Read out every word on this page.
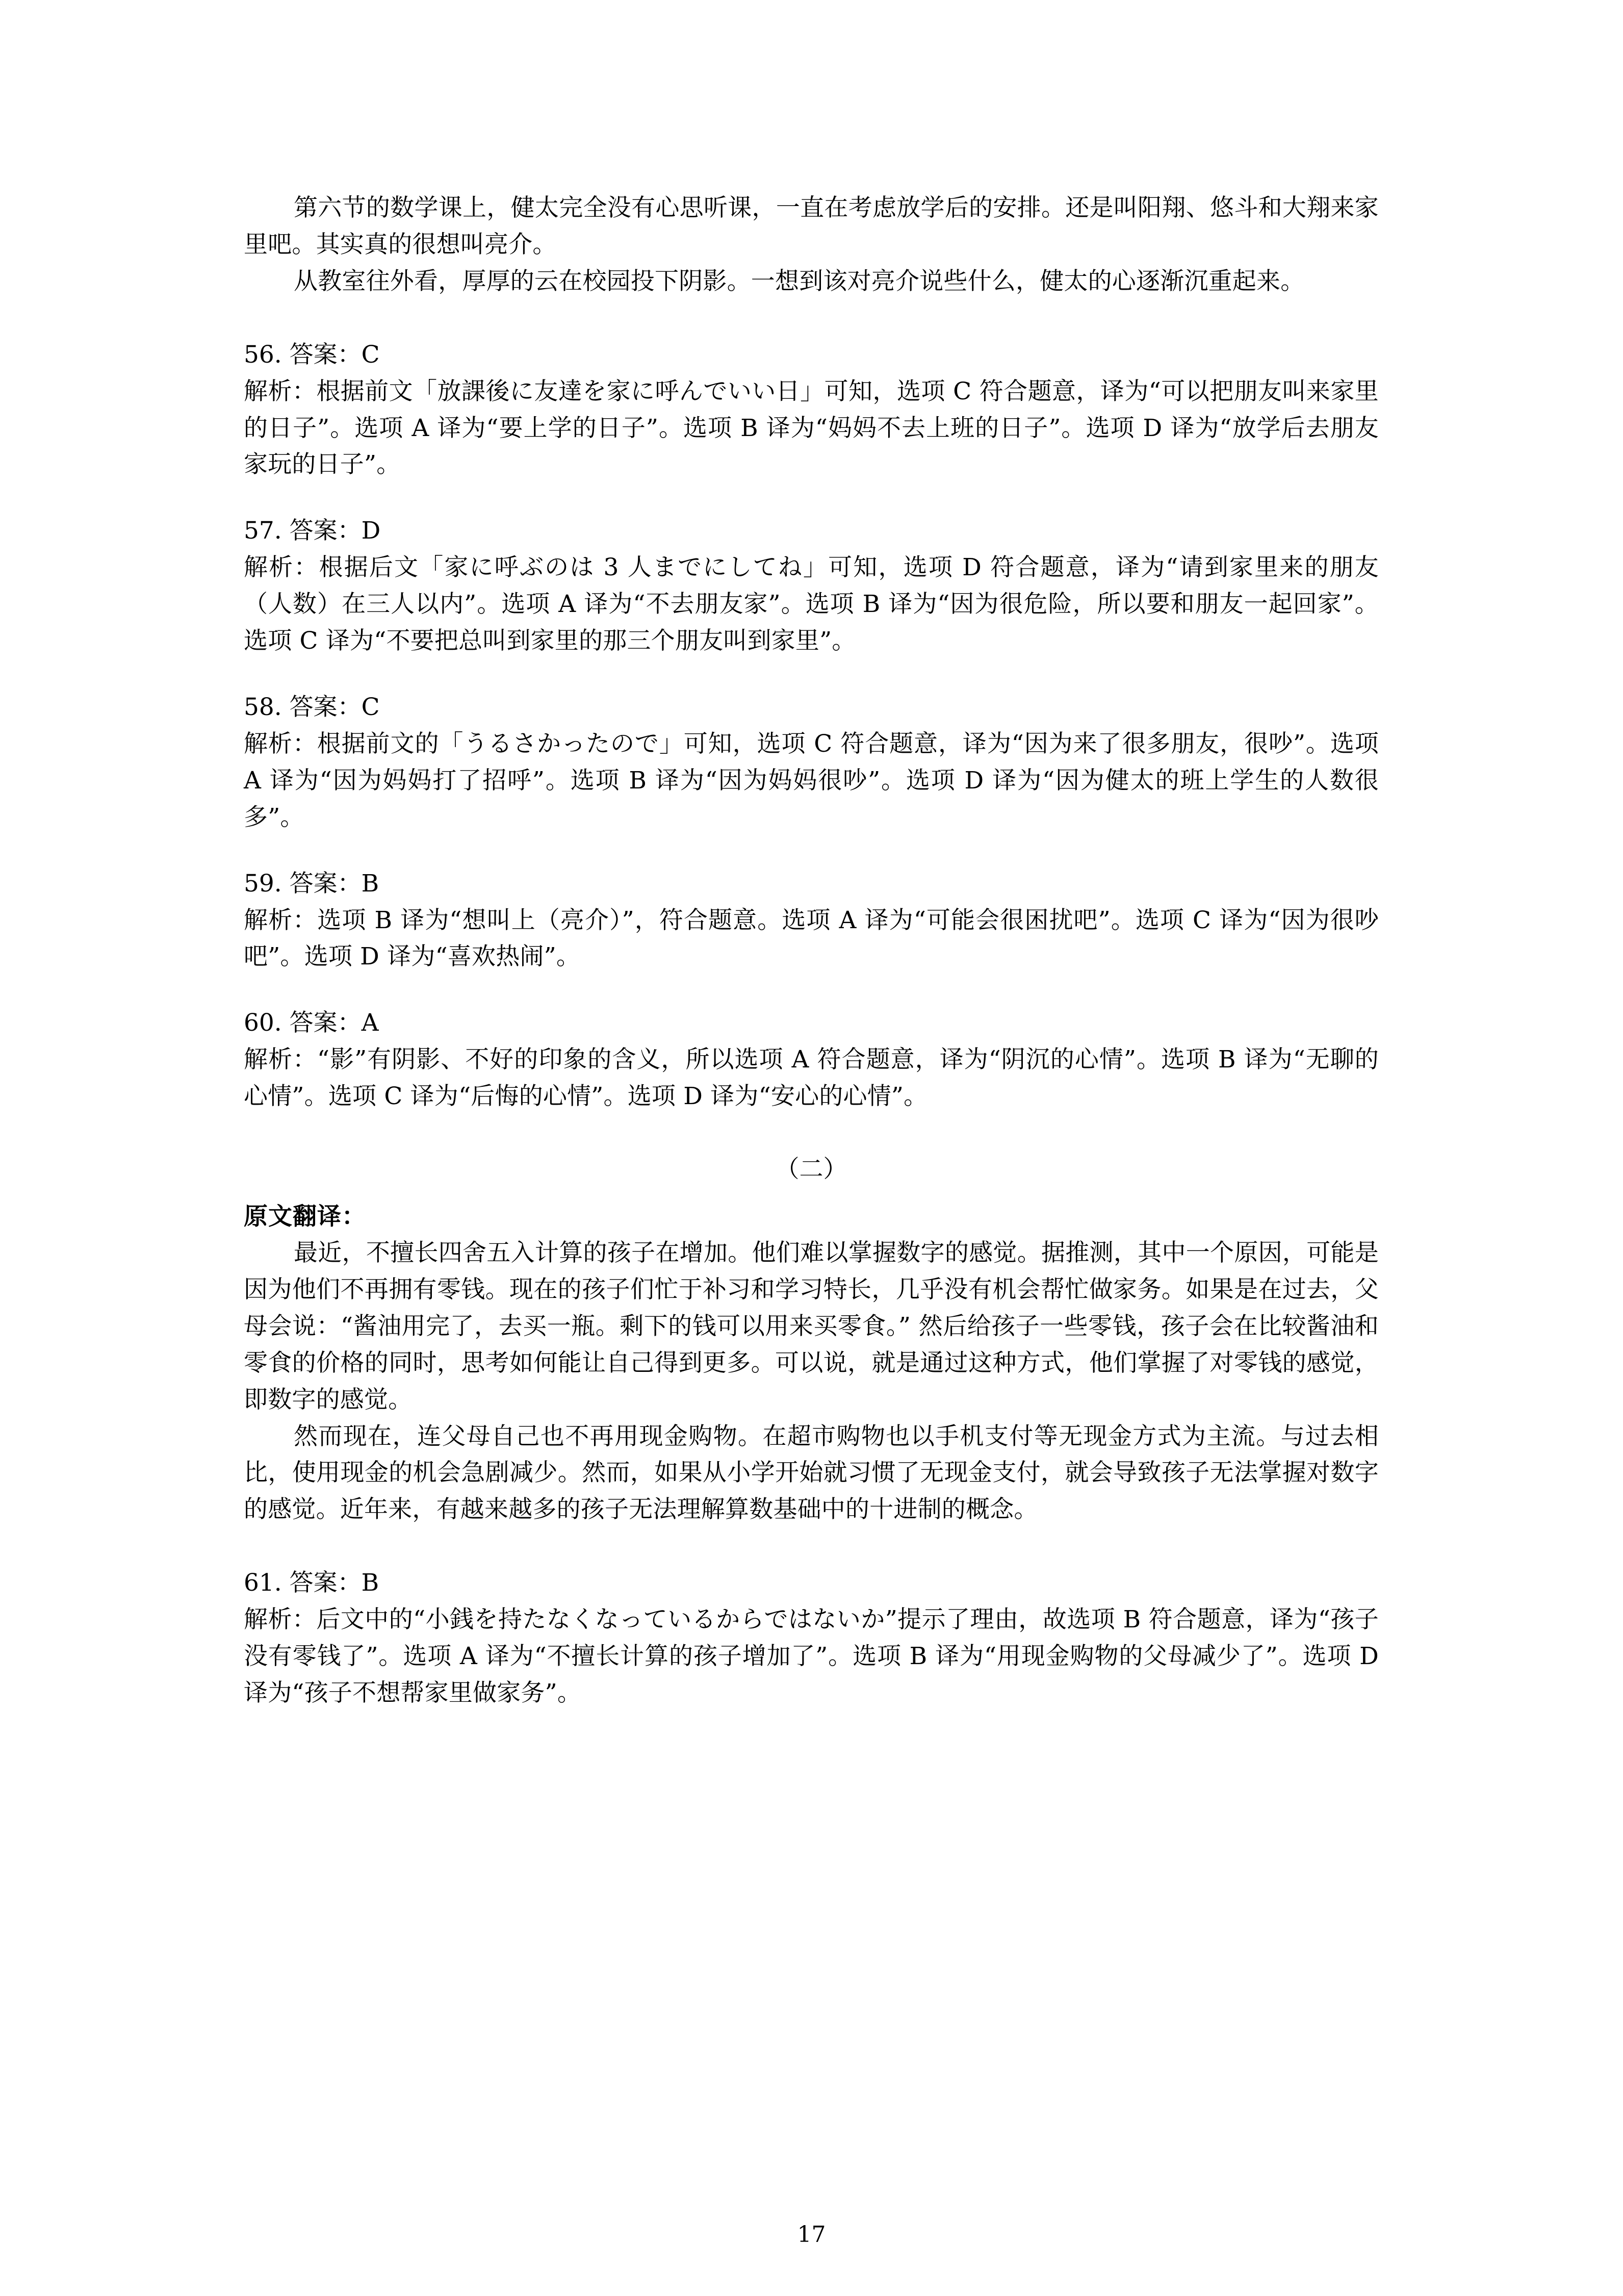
第六节的数学课上，健太完全没有心思听课，一直在考虑放学后的安排。还是叫阳翔、悠斗和大翔来家里吧。其实真的很想叫亮介。

从教室往外看，厚厚的云在校园投下阴影。一想到该对亮介说些什么，健太的心逐渐沉重起来。

56. 答案：C

解析：根据前文「放課後に友達を家に呼んでいい日」可知，选项 C 符合题意，译为“可以把朋友叫来家里的日子”。选项 A 译为“要上学的日子”。选项 B 译为“妈妈不去上班的日子”。选项 D 译为“放学后去朋友家玩的日子”。

57. 答案：D

解析：根据后文「家に呼ぶのは 3 人までにしてね」可知，选项 D 符合题意，译为“请到家里来的朋友（人数）在三人以内”。选项 A 译为“不去朋友家”。选项 B 译为“因为很危险，所以要和朋友一起回家”。选项 C 译为“不要把总叫到家里的那三个朋友叫到家里”。

58. 答案：C

解析：根据前文的「うるさかったので」可知，选项 C 符合题意，译为“因为来了很多朋友，很吵”。选项 A 译为“因为妈妈打了招呼”。选项 B 译为“因为妈妈很吵”。选项 D 译为“因为健太的班上学生的人数很多”。

59. 答案：B

解析：选项 B 译为“想叫上（亮介）”，符合题意。选项 A 译为“可能会很困扰吧”。选项 C 译为“因为很吵吧”。选项 D 译为“喜欢热闹”。

60. 答案：A

解析：“影”有阴影、不好的印象的含义，所以选项 A 符合题意，译为“阴沉的心情”。选项 B 译为“无聊的心情”。选项 C 译为“后悔的心情”。选项 D 译为“安心的心情”。

（二）

原文翻译：

最近，不擅长四舍五入计算的孩子在增加。他们难以掌握数字的感觉。据推测，其中一个原因，可能是因为他们不再拥有零钱。现在的孩子们忙于补习和学习特长，几乎没有机会帮忙做家务。如果是在过去，父母会说：“酱油用完了，去买一瓶。剩下的钱可以用来买零食。” 然后给孩子一些零钱，孩子会在比较酱油和零食的价格的同时，思考如何能让自己得到更多。可以说，就是通过这种方式，他们掌握了对零钱的感觉，即数字的感觉。

然而现在，连父母自己也不再用现金购物。在超市购物也以手机支付等无现金方式为主流。与过去相比，使用现金的机会急剧减少。然而，如果从小学开始就习惯了无现金支付，就会导致孩子无法掌握对数字的感觉。近年来，有越来越多的孩子无法理解算数基础中的十进制的概念。

61. 答案：B

解析：后文中的“小銭を持たなくなっているからではないか”提示了理由，故选项 B 符合题意，译为“孩子没有零钱了”。选项 A 译为“不擅长计算的孩子增加了”。选项 B 译为“用现金购物的父母减少了”。选项 D 译为“孩子不想帮家里做家务”。

17
